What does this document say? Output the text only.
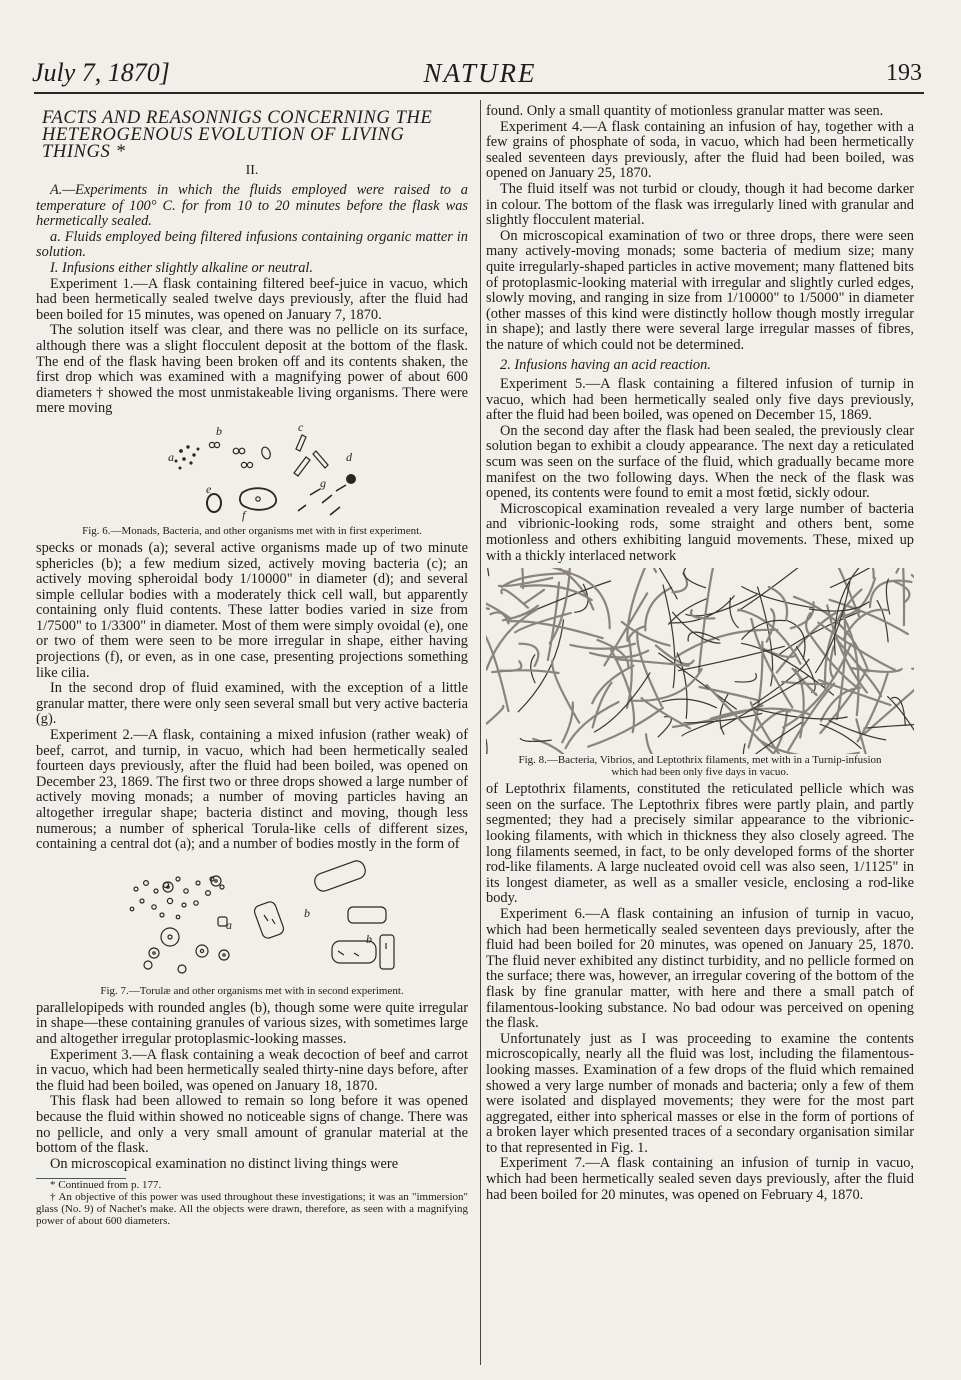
July 7, 1870]	NATURE	193
FACTS AND REASONNIGS CONCERNING THE HETEROGENOUS EVOLUTION OF LIVING THINGS *
II.

A.—Experiments in which the fluids employed were raised to a temperature of 100° C. for from 10 to 20 minutes before the flask was hermetically sealed.

a. Fluids employed being filtered infusions containing organic matter in solution.

I. Infusions either slightly alkaline or neutral.

Experiment 1.—A flask containing filtered beef-juice in vacuo, which had been hermetically sealed twelve days previously, after the fluid had been boiled for 15 minutes, was opened on January 7, 1870.

The solution itself was clear, and there was no pellicle on its surface, although there was a slight flocculent deposit at the bottom of the flask. The end of the flask having been broken off and its contents shaken, the first drop which was examined with a magnifying power of about 600 diameters † showed the most unmistakeable living organisms. There were mere moving

a
b	c
d
e
f
g
Fig. 6.—Monads, Bacteria, and other organisms met with in first experiment.

specks or monads (a); several active organisms made up of two minute sphericles (b); a few medium sized, actively moving bacteria (c); an actively moving spheroidal body 1/10000" in diameter (d); and several simple cellular bodies with a moderately thick cell wall, but apparently containing only fluid contents. These latter bodies varied in size from 1/7500" to 1/3300" in diameter. Most of them were simply ovoidal (e), one or two of them were seen to be more irregular in shape, either having projections (f), or even, as in one case, presenting projections something like cilia.

In the second drop of fluid examined, with the exception of a little granular matter, there were only seen several small but very active bacteria (g).

Experiment 2.—A flask, containing a mixed infusion (rather weak) of beef, carrot, and turnip, in vacuo, which had been hermetically sealed fourteen days previously, after the fluid had been boiled, was opened on December 23, 1869. The first two or three drops showed a large number of actively moving monads; a number of moving particles having an altogether irregular shape; bacteria distinct and moving, though less numerous; a number of spherical Torula-like cells of different sizes, containing a central dot (a); and a number of bodies mostly in the form of

a
b
b
Fig. 7.—Torulæ and other organisms met with in second experiment.

parallelopipeds with rounded angles (b), though some were quite irregular in shape—these containing granules of various sizes, with sometimes large and altogether irregular protoplasmic-looking masses.

Experiment 3.—A flask containing a weak decoction of beef and carrot in vacuo, which had been hermetically sealed thirty-nine days before, after the fluid had been boiled, was opened on January 18, 1870.

This flask had been allowed to remain so long before it was opened because the fluid within showed no noticeable signs of change. There was no pellicle, and only a very small amount of granular material at the bottom of the flask.

On microscopical examination no distinct living things were

* Continued from p. 177.

† An objective of this power was used throughout these investigations; it was an "immersion" glass (No. 9) of Nachet's make. All the objects were drawn, therefore, as seen with a magnifying power of about 600 diameters.

found. Only a small quantity of motionless granular matter was seen.

Experiment 4.—A flask containing an infusion of hay, together with a few grains of phosphate of soda, in vacuo, which had been hermetically sealed seventeen days previously, after the fluid had been boiled, was opened on January 25, 1870.

The fluid itself was not turbid or cloudy, though it had become darker in colour. The bottom of the flask was irregularly lined with granular and slightly flocculent material.

On microscopical examination of two or three drops, there were seen many actively-moving monads; some bacteria of medium size; many quite irregularly-shaped particles in active movement; many flattened bits of protoplasmic-looking material with irregular and slightly curled edges, slowly moving, and ranging in size from 1/10000" to 1/5000" in diameter (other masses of this kind were distinctly hollow though mostly irregular in shape); and lastly there were several large irregular masses of fibres, the nature of which could not be determined.

2. Infusions having an acid reaction.

Experiment 5.—A flask containing a filtered infusion of turnip in vacuo, which had been hermetically sealed only five days previously, after the fluid had been boiled, was opened on December 15, 1869.

On the second day after the flask had been sealed, the previously clear solution began to exhibit a cloudy appearance. The next day a reticulated scum was seen on the surface of the fluid, which gradually became more manifest on the two following days. When the neck of the flask was opened, its contents were found to emit a most fœtid, sickly odour.

Microscopical examination revealed a very large number of bacteria and vibrionic-looking rods, some straight and others bent, some motionless and others exhibiting languid movements. These, mixed up with a thickly interlaced network

Fig. 8.—Bacteria, Vibrios, and Leptothrix filaments, met with in a Turnip-infusion which had been only five days in vacuo.

of Leptothrix filaments, constituted the reticulated pellicle which was seen on the surface. The Leptothrix fibres were partly plain, and partly segmented; they had a precisely similar appearance to the vibrionic-looking filaments, with which in thickness they also closely agreed. The long filaments seemed, in fact, to be only developed forms of the shorter rod-like filaments. A large nucleated ovoid cell was also seen, 1/1125" in its longest diameter, as well as a smaller vesicle, enclosing a rod-like body.

Experiment 6.—A flask containing an infusion of turnip in vacuo, which had been hermetically sealed seventeen days previously, after the fluid had been boiled for 20 minutes, was opened on January 25, 1870. The fluid never exhibited any distinct turbidity, and no pellicle formed on the surface; there was, however, an irregular covering of the bottom of the flask by fine granular matter, with here and there a small patch of filamentous-looking substance. No bad odour was perceived on opening the flask.

Unfortunately just as I was proceeding to examine the contents microscopically, nearly all the fluid was lost, including the filamentous-looking masses. Examination of a few drops of the fluid which remained showed a very large number of monads and bacteria; only a few of them were isolated and displayed movements; they were for the most part aggregated, either into spherical masses or else in the form of portions of a broken layer which presented traces of a secondary organisation similar to that represented in Fig. 1.

Experiment 7.—A flask containing an infusion of turnip in vacuo, which had been hermetically sealed seven days previously, after the fluid had been boiled for 20 minutes, was opened on February 4, 1870.
